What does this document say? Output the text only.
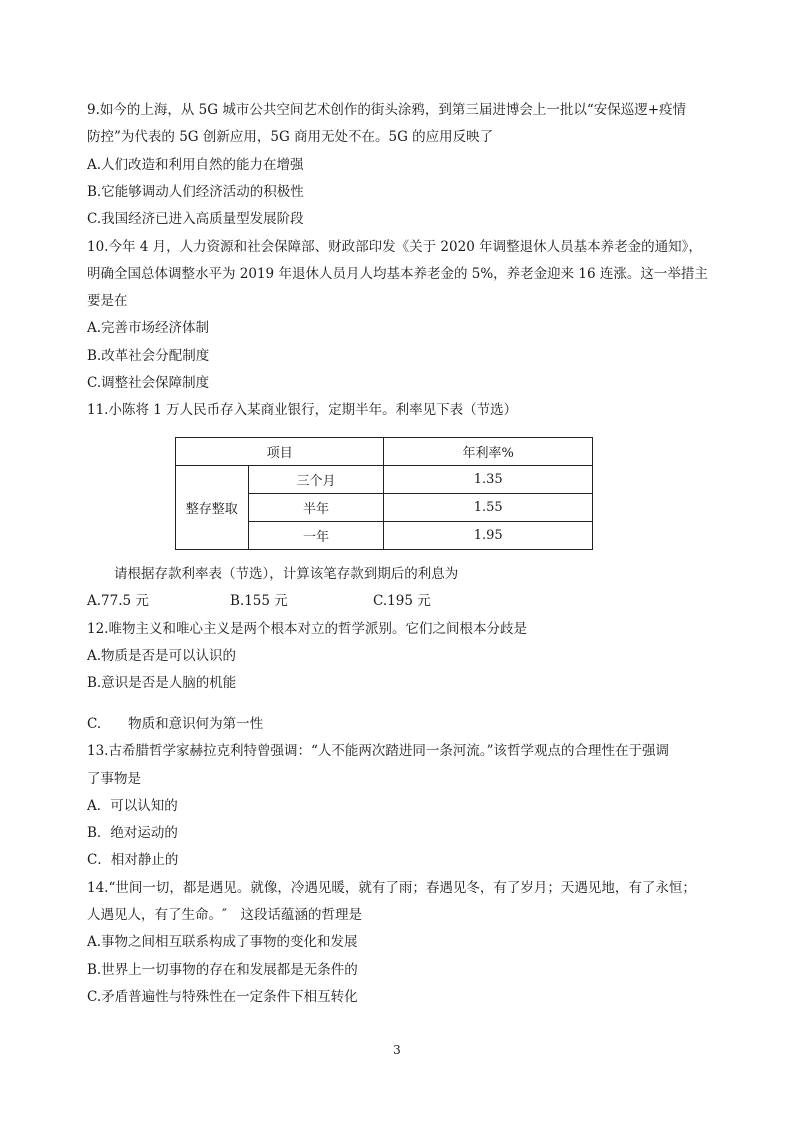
9.如今的上海，从 5G 城市公共空间艺术创作的街头涂鸦，到第三届进博会上一批以“安保巡逻+疫情
防控”为代表的 5G 创新应用，5G 商用无处不在。5G 的应用反映了
A.人们改造和利用自然的能力在增强
B.它能够调动人们经济活动的积极性
C.我国经济已进入高质量型发展阶段
10.今年 4 月，人力资源和社会保障部、财政部印发《关于 2020 年调整退休人员基本养老金的通知》，
明确全国总体调整水平为 2019 年退休人员月人均基本养老金的 5%，养老金迎来 16 连涨。这一举措主
要是在
A.完善市场经济体制
B.改革社会分配制度
C.调整社会保障制度
11.小陈将 1 万人民币存入某商业银行，定期半年。利率见下表（节选）
项目		年利率%
整存整取	三个月	1.35
	半年	1.55
	一年	1.95
请根据存款利率表（节选），计算该笔存款到期后的利息为
A.77.5 元	B.155 元	C.195 元
12.唯物主义和唯心主义是两个根本对立的哲学派别。它们之间根本分歧是
A.物质是否是可以认识的
B.意识是否是人脑的机能
C.　　物质和意识何为第一性
13.古希腊哲学家赫拉克利特曾强调：“人不能两次踏进同一条河流。”该哲学观点的合理性在于强调
了事物是
A．可以认知的
B．绝对运动的
C．相对静止的
14.“世间一切，都是遇见。就像，冷遇见暖，就有了雨；春遇见冬，有了岁月；天遇见地，有了永恒；
人遇见人，有了生命。″　这段话蕴涵的哲理是
A.事物之间相互联系构成了事物的变化和发展
B.世界上一切事物的存在和发展都是无条件的
C.矛盾普遍性与特殊性在一定条件下相互转化
3
